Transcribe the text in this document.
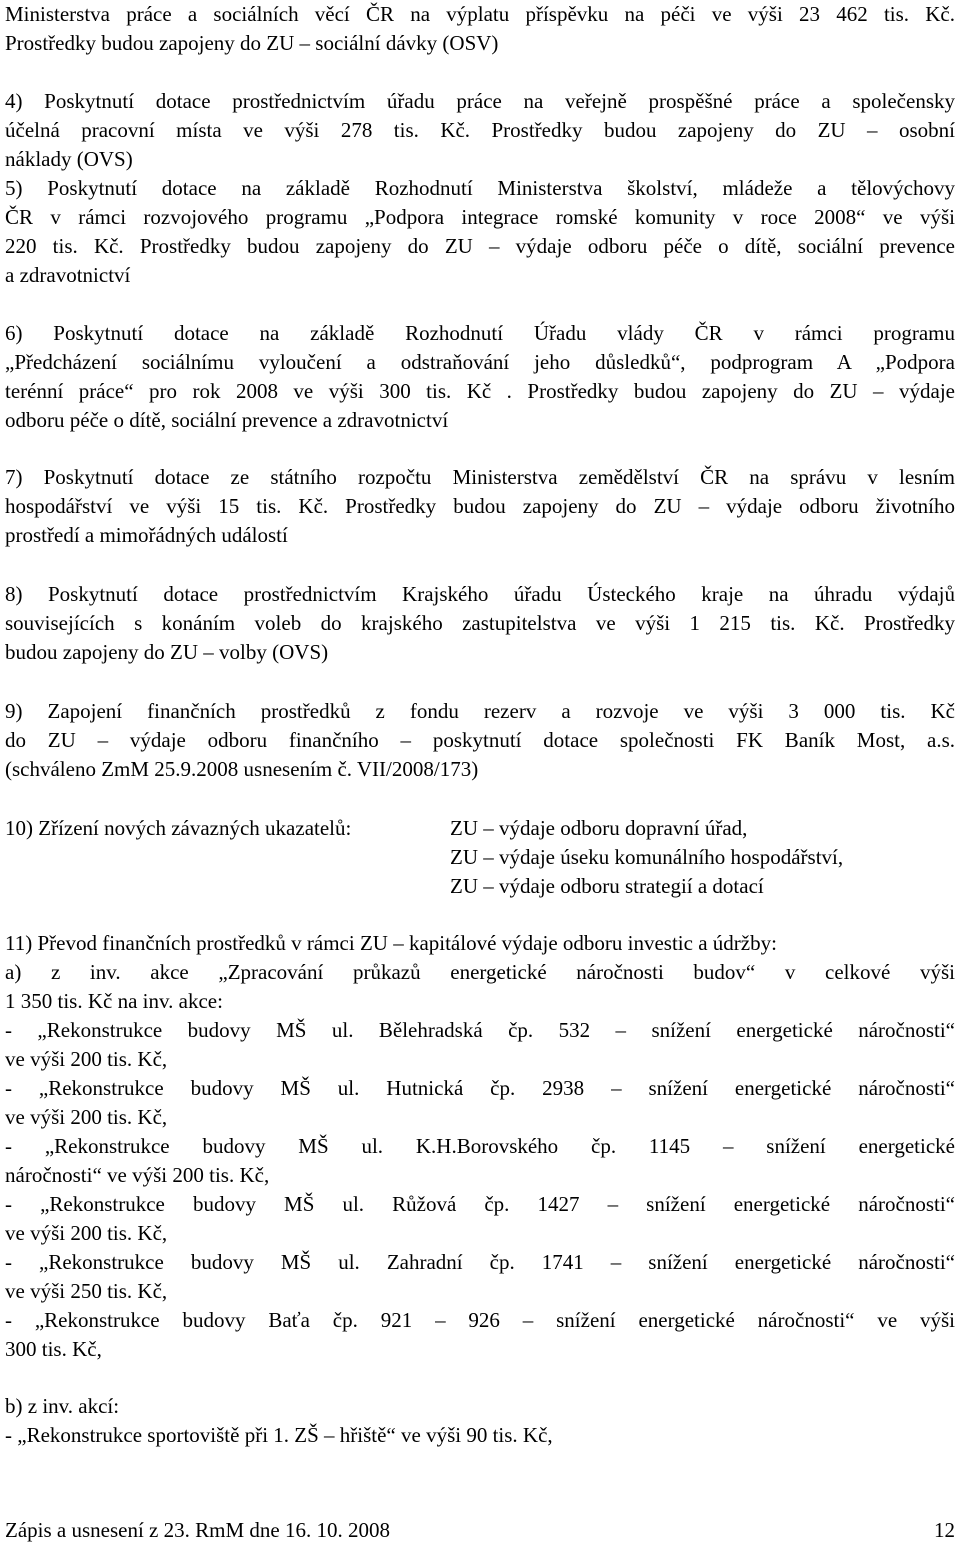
Ministerstva práce a sociálních věcí ČR na výplatu příspěvku na péči ve výši 23 462 tis. Kč.
Prostředky budou zapojeny do ZU – sociální dávky (OSV)
4) Poskytnutí dotace prostřednictvím úřadu práce na veřejně prospěšné práce a společensky
účelná pracovní místa ve výši 278 tis. Kč. Prostředky budou zapojeny do ZU – osobní
náklady (OVS)
5) Poskytnutí dotace na základě Rozhodnutí Ministerstva školství, mládeže a tělovýchovy
ČR v rámci rozvojového programu „Podpora integrace romské komunity v roce 2008“ ve výši
220 tis. Kč. Prostředky budou zapojeny do ZU – výdaje odboru péče o dítě, sociální prevence
a zdravotnictví
6) Poskytnutí dotace na základě Rozhodnutí Úřadu vlády ČR v rámci programu
„Předcházení sociálnímu vyloučení a odstraňování jeho důsledků“, podprogram A „Podpora
terénní práce“ pro rok 2008 ve výši 300 tis. Kč . Prostředky budou zapojeny do ZU – výdaje
odboru péče o dítě, sociální prevence a zdravotnictví
7) Poskytnutí dotace ze státního rozpočtu Ministerstva zemědělství ČR na správu v lesním
hospodářství ve výši 15 tis. Kč. Prostředky budou zapojeny do ZU – výdaje odboru životního
prostředí a mimořádných událostí
8) Poskytnutí dotace prostřednictvím Krajského úřadu Ústeckého kraje na úhradu výdajů
souvisejících s konáním voleb do krajského zastupitelstva ve výši 1 215 tis. Kč. Prostředky
budou zapojeny do ZU – volby (OVS)
9) Zapojení finančních prostředků z fondu rezerv a rozvoje ve výši 3 000 tis. Kč
do ZU – výdaje odboru finančního – poskytnutí dotace společnosti FK Baník Most, a.s.
(schváleno ZmM 25.9.2008 usnesením č. VII/2008/173)
10) Zřízení nových závazných ukazatelů:	ZU – výdaje odboru dopravní úřad,
ZU – výdaje úseku komunálního hospodářství,
ZU – výdaje odboru strategií a dotací
11) Převod finančních prostředků v rámci ZU – kapitálové výdaje odboru investic a údržby:
a) z inv. akce „Zpracování průkazů energetické náročnosti budov“ v celkové výši
1 350 tis. Kč na inv. akce:
- „Rekonstrukce budovy MŠ ul. Bělehradská čp. 532 – snížení energetické náročnosti“
ve výši 200 tis. Kč,
- „Rekonstrukce budovy MŠ ul. Hutnická čp. 2938 – snížení energetické náročnosti“
ve výši 200 tis. Kč,
- „Rekonstrukce budovy MŠ ul. K.H.Borovského čp. 1145 – snížení energetické
náročnosti“ ve výši 200 tis. Kč,
- „Rekonstrukce budovy MŠ ul. Růžová čp. 1427 – snížení energetické náročnosti“
ve výši 200 tis. Kč,
- „Rekonstrukce budovy MŠ ul. Zahradní čp. 1741 – snížení energetické náročnosti“
ve výši 250 tis. Kč,
- „Rekonstrukce budovy Baťa čp. 921 – 926 – snížení energetické náročnosti“ ve výši
300 tis. Kč,
b) z inv. akcí:
- „Rekonstrukce sportoviště při 1. ZŠ – hřiště“ ve výši 90 tis. Kč,
Zápis a usnesení z 23. RmM dne 16. 10. 2008	12
